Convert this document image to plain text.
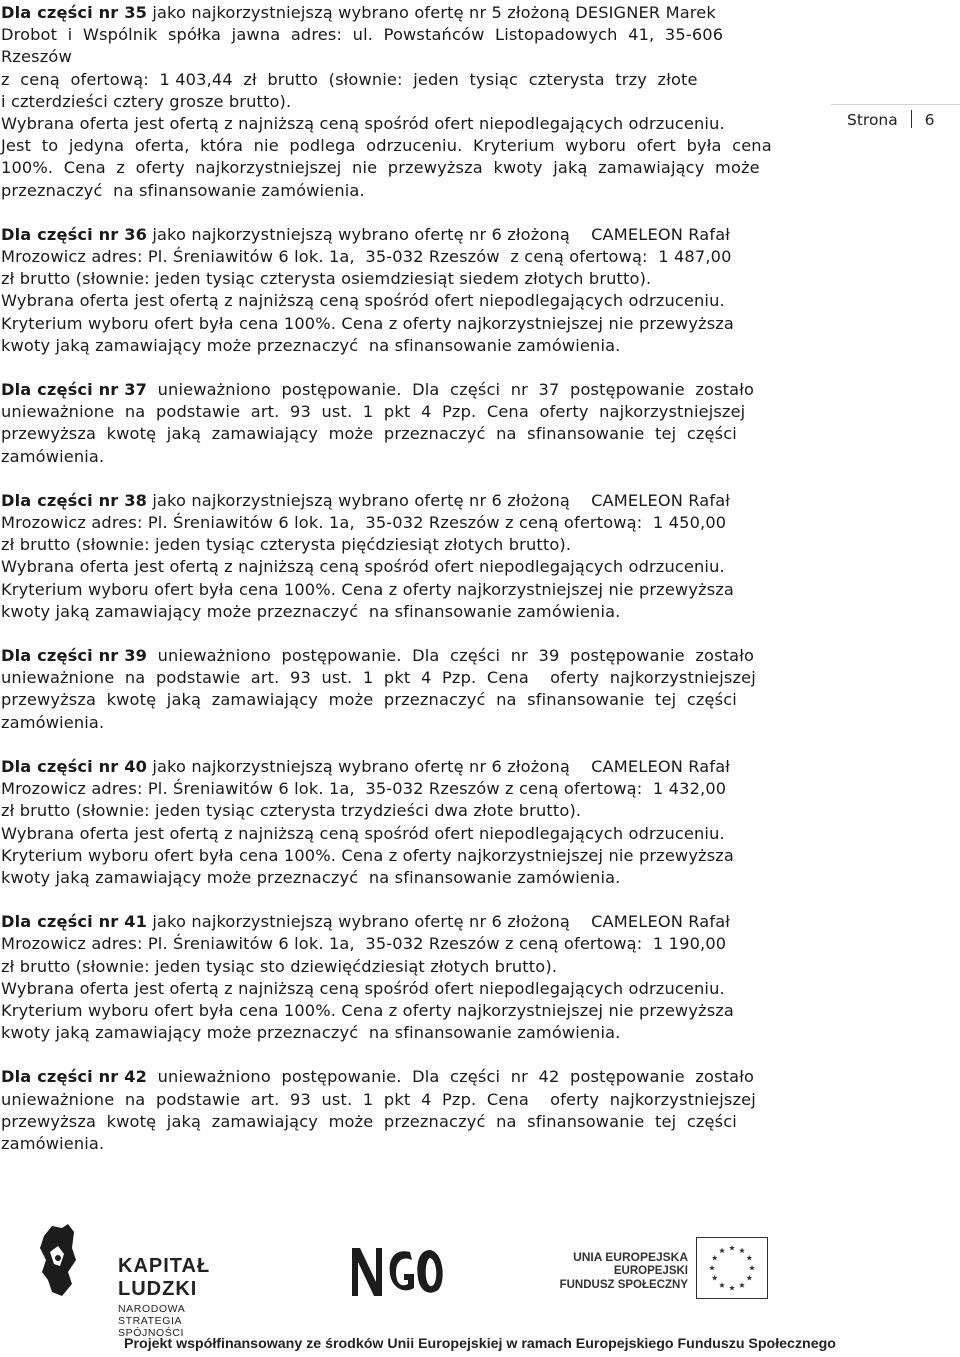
Dla części nr 35 jako najkorzystniejszą wybrano ofertę nr 5 złożoną DESIGNER Marek
Drobot  i  Wspólnik  spółka  jawna  adres:  ul.  Powstańców  Listopadowych  41,  35-606
Rzeszów
z  ceną  ofertową:  1 403,44  zł  brutto  (słownie:  jeden  tysiąc  czterysta  trzy  złote
i czterdzieści cztery grosze brutto).
Wybrana oferta jest ofertą z najniższą ceną spośród ofert niepodlegających odrzuceniu.
Jest  to  jedyna  oferta,  która  nie  podlega  odrzuceniu.  Kryterium  wyboru  ofert  była  cena
100%.  Cena  z  oferty  najkorzystniejszej  nie  przewyższa  kwoty  jaką  zamawiający  może
przeznaczyć  na sfinansowanie zamówienia.
Dla części nr 36 jako najkorzystniejszą wybrano ofertę nr 6 złożoną    CAMELEON Rafał
Mrozowicz adres: Pl. Śreniawitów 6 lok. 1a,  35-032 Rzeszów  z ceną ofertową:  1 487,00
zł brutto (słownie: jeden tysiąc czterysta osiemdziesiąt siedem złotych brutto).
Wybrana oferta jest ofertą z najniższą ceną spośród ofert niepodlegających odrzuceniu.
Kryterium wyboru ofert była cena 100%. Cena z oferty najkorzystniejszej nie przewyższa
kwoty jaką zamawiający może przeznaczyć  na sfinansowanie zamówienia.
Dla części nr 37  unieważniono  postępowanie.  Dla  części  nr  37  postępowanie  zostało
unieważnione  na  podstawie  art.  93  ust.  1  pkt  4  Pzp.  Cena  oferty  najkorzystniejszej
przewyższa  kwotę  jaką  zamawiający  może  przeznaczyć  na  sfinansowanie  tej  części
zamówienia.
Dla części nr 38 jako najkorzystniejszą wybrano ofertę nr 6 złożoną    CAMELEON Rafał
Mrozowicz adres: Pl. Śreniawitów 6 lok. 1a,  35-032 Rzeszów z ceną ofertową:  1 450,00
zł brutto (słownie: jeden tysiąc czterysta pięćdziesiąt złotych brutto).
Wybrana oferta jest ofertą z najniższą ceną spośród ofert niepodlegających odrzuceniu.
Kryterium wyboru ofert była cena 100%. Cena z oferty najkorzystniejszej nie przewyższa
kwoty jaką zamawiający może przeznaczyć  na sfinansowanie zamówienia.
Dla części nr 39  unieważniono  postępowanie.  Dla  części  nr  39  postępowanie  zostało
unieważnione  na  podstawie  art.  93  ust.  1  pkt  4  Pzp.  Cena    oferty  najkorzystniejszej
przewyższa  kwotę  jaką  zamawiający  może  przeznaczyć  na  sfinansowanie  tej  części
zamówienia.
Dla części nr 40 jako najkorzystniejszą wybrano ofertę nr 6 złożoną    CAMELEON Rafał
Mrozowicz adres: Pl. Śreniawitów 6 lok. 1a,  35-032 Rzeszów z ceną ofertową:  1 432,00
zł brutto (słownie: jeden tysiąc czterysta trzydzieści dwa złote brutto).
Wybrana oferta jest ofertą z najniższą ceną spośród ofert niepodlegających odrzuceniu.
Kryterium wyboru ofert była cena 100%. Cena z oferty najkorzystniejszej nie przewyższa
kwoty jaką zamawiający może przeznaczyć  na sfinansowanie zamówienia.
Dla części nr 41 jako najkorzystniejszą wybrano ofertę nr 6 złożoną    CAMELEON Rafał
Mrozowicz adres: Pl. Śreniawitów 6 lok. 1a,  35-032 Rzeszów z ceną ofertową:  1 190,00
zł brutto (słownie: jeden tysiąc sto dziewięćdziesiąt złotych brutto).
Wybrana oferta jest ofertą z najniższą ceną spośród ofert niepodlegających odrzuceniu.
Kryterium wyboru ofert była cena 100%. Cena z oferty najkorzystniejszej nie przewyższa
kwoty jaką zamawiający może przeznaczyć  na sfinansowanie zamówienia.
Dla części nr 42  unieważniono  postępowanie.  Dla  części  nr  42  postępowanie  zostało
unieważnione  na  podstawie  art.  93  ust.  1  pkt  4  Pzp.  Cena    oferty  najkorzystniejszej
przewyższa  kwotę  jaką  zamawiający  może  przeznaczyć  na  sfinansowanie  tej  części
zamówienia.
Strona 6
KAPITAŁ LUDZKI
NARODOWA STRATEGIA SPÓJNOŚCI
UNIA EUROPEJSKA
EUROPEJSKI
FUNDUSZ SPOŁECZNY
Projekt współfinansowany ze środków Unii Europejskiej w ramach Europejskiego Funduszu Społecznego
